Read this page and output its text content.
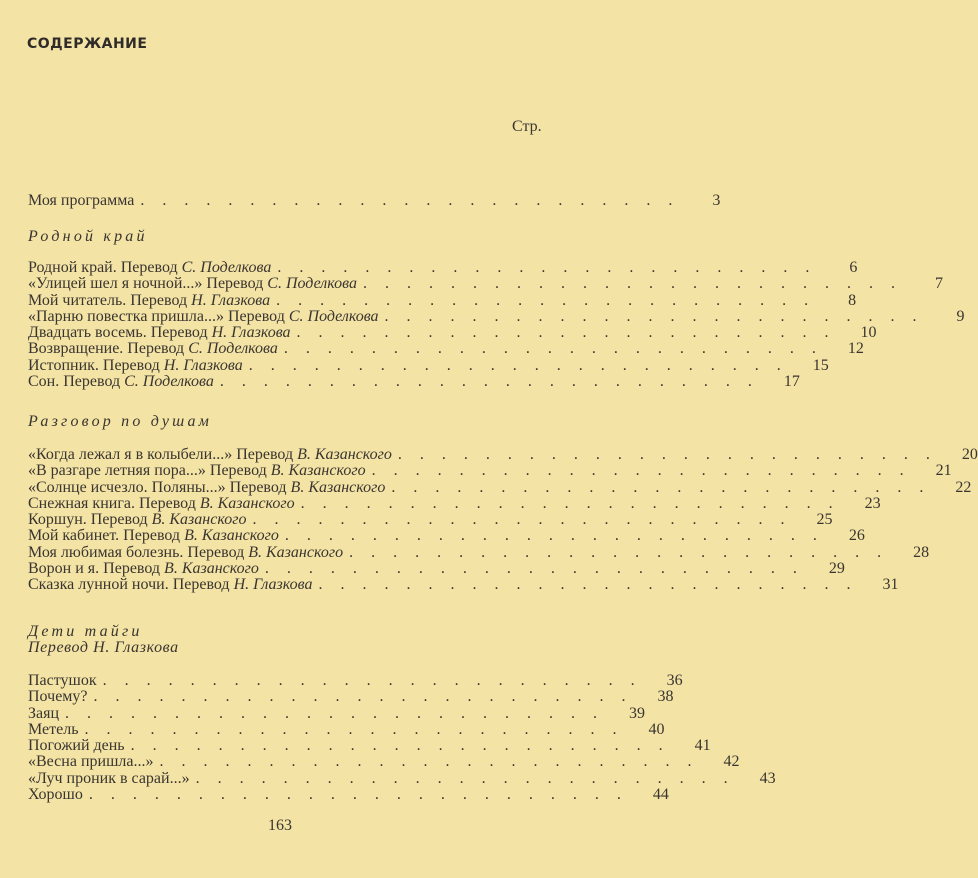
СОДЕРЖАНИЕ
Стр.
Моя программа .........................	3
Родной край
Родной край. Перевод С. Поделкова .........................	6
«Улицей шел я ночной...» Перевод С. Поделкова .........................	7
Мой читатель. Перевод Н. Глазкова .........................	8
«Парню повестка пришла...» Перевод С. Поделкова .........................	9
Двадцать восемь. Перевод Н. Глазкова ......................... 10
Возвращение. Перевод С. Поделкова ......................... 12
Истопник. Перевод Н. Глазкова ......................... 15
Сон. Перевод С. Поделкова ......................... 17
Разговор по душам
«Когда лежал я в колыбели...» Перевод В. Казанского ......................... 20
«В разгаре летняя пора...» Перевод В. Казанского ......................... 21
«Солнце исчезло. Поляны...» Перевод В. Казанского ......................... 22
Снежная книга. Перевод В. Казанского ......................... 23
Коршун. Перевод В. Казанского ......................... 25
Мой кабинет. Перевод В. Казанского ......................... 26
Моя любимая болезнь. Перевод В. Казанского ......................... 28
Ворон и я. Перевод В. Казанского ......................... 29
Сказка лунной ночи. Перевод Н. Глазкова ......................... 31
Дети тайги
Перевод Н. Глазкова
Пастушок ......................... 36
Почему? ......................... 38
Заяц ......................... 39
Метель ......................... 40
Погожий день ......................... 41
«Весна пришла...» ......................... 42
«Луч проник в сарай...» ......................... 43
Хорошо ......................... 44
163
